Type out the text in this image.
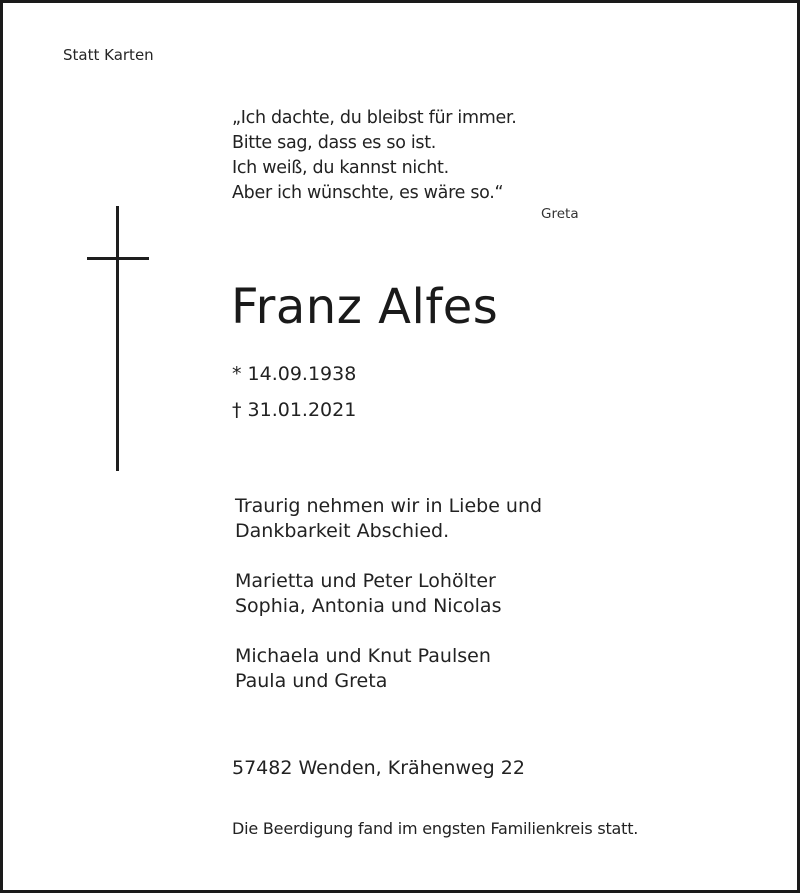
Statt Karten
„Ich dachte, du bleibst für immer.
Bitte sag, dass es so ist.
Ich weiß, du kannst nicht.
Aber ich wünschte, es wäre so.“
Greta
Franz Alfes
* 14.09.1938
† 31.01.2021
Traurig nehmen wir in Liebe und
Dankbarkeit Abschied.
Marietta und Peter Lohölter
Sophia, Antonia und Nicolas
Michaela und Knut Paulsen
Paula und Greta
57482 Wenden, Krähenweg 22
Die Beerdigung fand im engsten Familienkreis statt.
